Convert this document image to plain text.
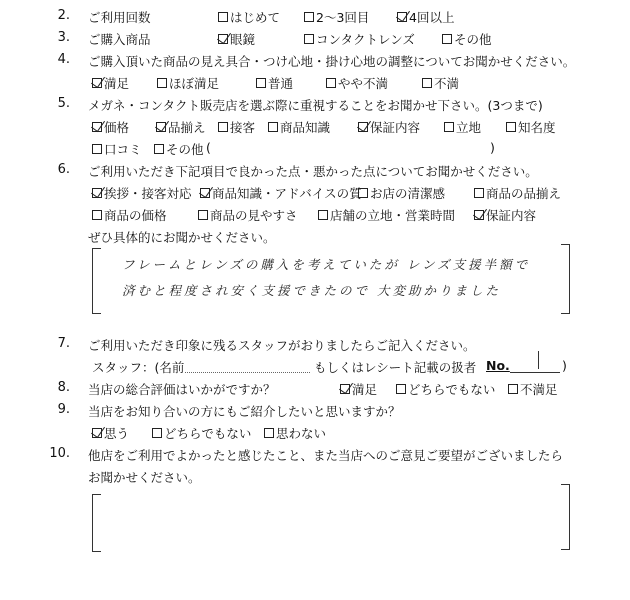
2. ご利用回数	はじめて	2～3回目	4回以上
3. ご購入商品	眼鏡	コンタクトレンズ	その他
4. ご購入頂いた商品の見え具合・つけ心地・掛け心地の調整についてお聞かせください。
満足	ほぼ満足	普通	やや不満	不満
5. メガネ・コンタクト販売店を選ぶ際に重視することをお聞かせ下さい。(3つまで)
価格	品揃え 接客 商品知識	保証内容	立地	知名度
口コミ その他 (	)
6. ご利用いただき下記項目で良かった点・悪かった点についてお聞かせください。
挨拶・接客対応 商品知識・アドバイスの質 お店の清潔感	商品の品揃え
商品の価格	商品の見やすさ	店舗の立地・営業時間 保証内容
ぜひ具体的にお聞かせください。
フレームとレンズの購入を考えていたが レンズ支援半額で
済むと程度され安く支援できたので 大変助かりました
7. ご利用いただき印象に残るスタッフがおりましたらご記入ください。
スタッフ：(名前	もしくはレシート記載の扱者 No.	)
8. 当店の総合評価はいかがですか？	満足 どちらでもない 不満足
9. 当店をお知り合いの方にもご紹介したいと思いますか？
思う	どちらでもない 思わない
10. 他店をご利用でよかったと感じたこと、また当店へのご意見ご要望がございましたら
お聞かせください。
